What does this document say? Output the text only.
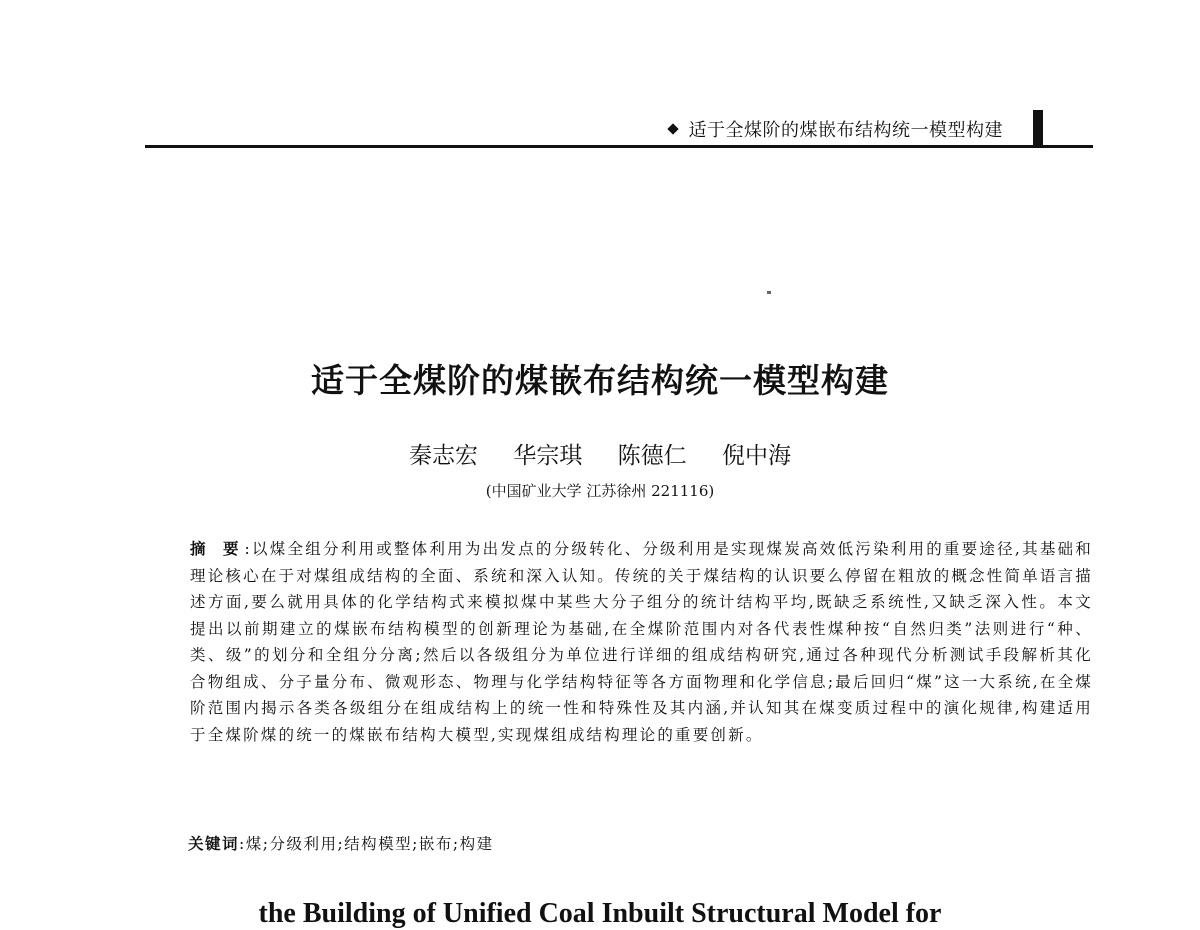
适于全煤阶的煤嵌布结构统一模型构建
适于全煤阶的煤嵌布结构统一模型构建
秦志宏 华宗琪 陈德仁 倪中海
(中国矿业大学 江苏徐州 221116)
摘 要:以煤全组分利用或整体利用为出发点的分级转化、分级利用是实现煤炭高效低污染利用的重要途径,其基础和理论核心在于对煤组成结构的全面、系统和深入认知。传统的关于煤结构的认识要么停留在粗放的概念性简单语言描述方面,要么就用具体的化学结构式来模拟煤中某些大分子组分的统计结构平均,既缺乏系统性,又缺乏深入性。本文提出以前期建立的煤嵌布结构模型的创新理论为基础,在全煤阶范围内对各代表性煤种按“自然归类”法则进行“种、类、级”的划分和全组分分离;然后以各级组分为单位进行详细的组成结构研究,通过各种现代分析测试手段解析其化合物组成、分子量分布、微观形态、物理与化学结构特征等各方面物理和化学信息;最后回归“煤”这一大系统,在全煤阶范围内揭示各类各级组分在组成结构上的统一性和特殊性及其内涵,并认知其在煤变质过程中的演化规律,构建适用于全煤阶煤的统一的煤嵌布结构大模型,实现煤组成结构理论的重要创新。
关键词:煤;分级利用;结构模型;嵌布;构建
the Building of Unified Coal Inbuilt Structural Model for
